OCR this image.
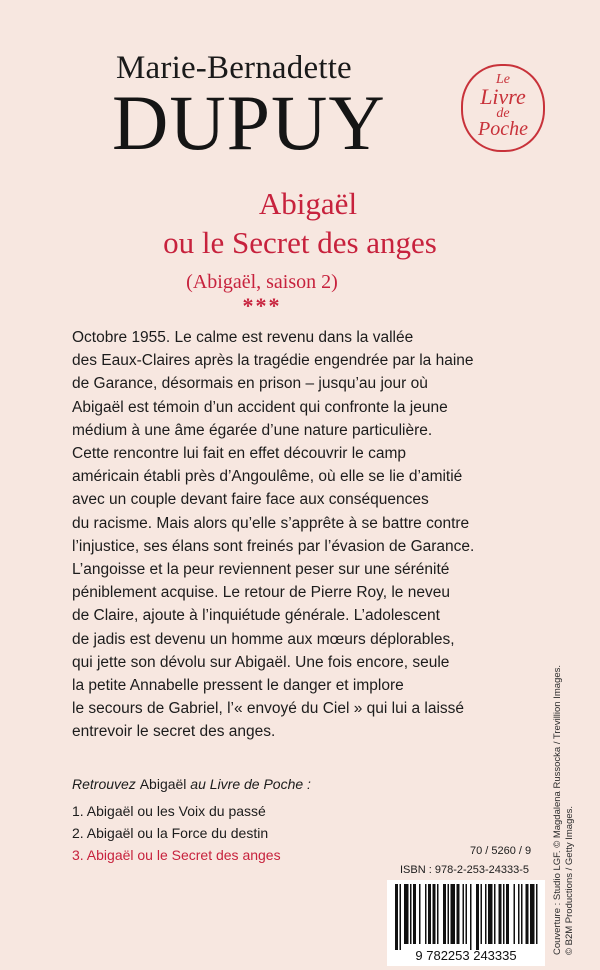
Marie-Bernadette
DUPUY	Le
Livre
de
Poche
Abigaël
ou le Secret des anges
(Abigaël, saison 2)
***
Octobre 1955. Le calme est revenu dans la vallée
des Eaux-Claires après la tragédie engendrée par la haine
de Garance, désormais en prison – jusqu’au jour où
Abigaël est témoin d’un accident qui confronte la jeune
médium à une âme égarée d’une nature particulière.
Cette rencontre lui fait en effet découvrir le camp
américain établi près d’Angoulême, où elle se lie d’amitié
avec un couple devant faire face aux conséquences
du racisme. Mais alors qu’elle s’apprête à se battre contre
l’injustice, ses élans sont freinés par l’évasion de Garance.
L’angoisse et la peur reviennent peser sur une sérénité
péniblement acquise. Le retour de Pierre Roy, le neveu
de Claire, ajoute à l’inquiétude générale. L’adolescent
de jadis est devenu un homme aux mœurs déplorables,
qui jette son dévolu sur Abigaël. Une fois encore, seule
la petite Annabelle pressent le danger et implore
le secours de Gabriel, l’« envoyé du Ciel » qui lui a laissé
entrevoir le secret des anges.
Retrouvez Abigaël au Livre de Poche :
1. Abigaël ou les Voix du passé
2. Abigaël ou la Force du destin
3. Abigaël ou le Secret des anges	70 / 5260 / 9
ISBN : 978-2-253-24333-5
9 782253 243335
Couverture : Studio LGF. © Magdalena Russocka / Trevillion Images. © B2M Productions / Getty Images.
